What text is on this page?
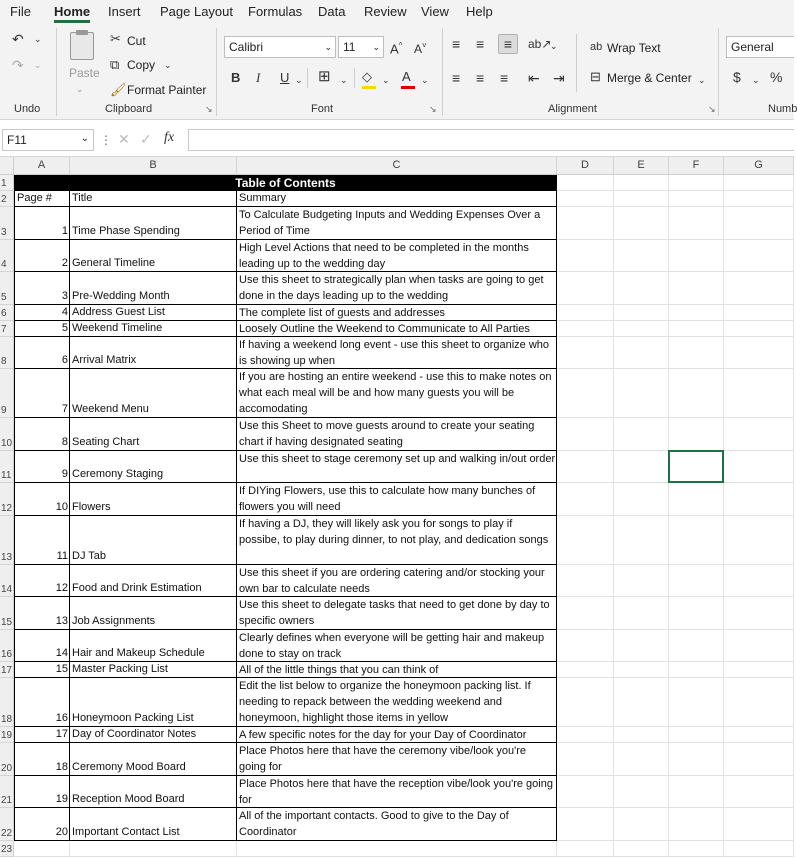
File Home Insert Page Layout Formulas Data Review View Help
↶ ⌄
↷ ⌄
Undo
Paste
⌄
✂ Cut
⧉ Copy ⌄
🖌 Format Painter
Clipboard	↘
Calibri	⌄ 11 ⌄ A^ A˅
B I U ⌄ ⊞ ⌄ ◇ ⌄ A ⌄
Font	↘
≡ ≡	≡	ab↗
⌄
≡ ≡ ≡ ⇤ ⇥
ab Wrap Text
⊟ Merge & Center ⌄
Alignment	↘
General
$ ⌄ %
Numb
F11	⌄ ⋮ ✕ ✓ fx
A	B	C	D	E	F	G
1
2
3
4
5
6
7
8
9
10
11
12
13
14
15
16
17
18
19
20
21
22
23
Table of Contents
Page # Title	Summary
1 Time Phase Spending
To Calculate Budgeting Inputs and Wedding Expenses Over a Period of Time
2 General Timeline
High Level Actions that need to be completed in the months leading up to the wedding day
3 Pre-Wedding Month
Use this sheet to strategically plan when tasks are going to get done in the days leading up to the wedding
4 Address Guest List	The complete list of guests and addresses
5 Weekend Timeline	Loosely Outline the Weekend to Communicate to All Parties
6 Arrival Matrix
If having a weekend long event - use this sheet to organize who is showing up when
7 Weekend Menu
If you are hosting an entire weekend - use this to make notes on what each meal will be and how many guests you will be accomodating
8 Seating Chart
Use this Sheet to move guests around to create your seating chart if having designated seating
9 Ceremony Staging
Use this sheet to stage ceremony set up and walking in/out order
10 Flowers
If DIYing Flowers, use this to calculate how many bunches of flowers you will need
11 DJ Tab
If having a DJ, they will likely ask you for songs to play if possibe, to play during dinner, to not play, and dedication songs
12 Food and Drink Estimation
Use this sheet if you are ordering catering and/or stocking your own bar to calculate needs
13 Job Assignments
Use this sheet to delegate tasks that need to get done by day to specific owners
14 Hair and Makeup Schedule
Clearly defines when everyone will be getting hair and makeup done to stay on track
15 Master Packing List	All of the little things that you can think of
16 Honeymoon Packing List
Edit the list below to organize the honeymoon packing list. If needing to repack between the wedding weekend and honeymoon, highlight those items in yellow
17 Day of Coordinator Notes	A few specific notes for the day for your Day of Coordinator
18 Ceremony Mood Board
Place Photos here that have the ceremony vibe/look you're going for
19 Reception Mood Board
Place Photos here that have the reception vibe/look you're going for
20 Important Contact List
All of the important contacts. Good to give to the Day of Coordinator
